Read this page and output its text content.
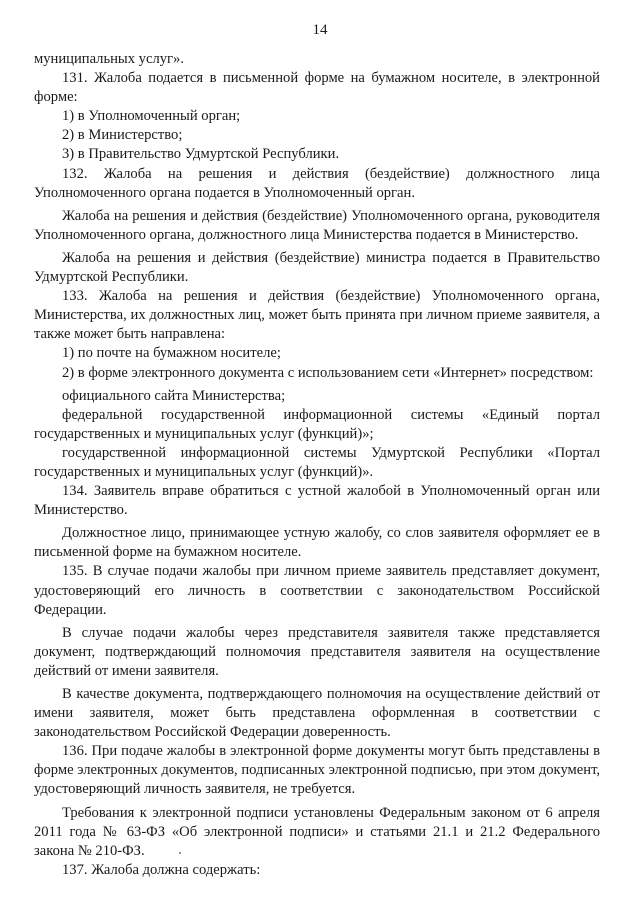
14

муниципальных услуг».

131. Жалоба подается в письменной форме на бумажном носителе, в электронной форме:

1) в Уполномоченный орган;

2) в Министерство;

3) в Правительство Удмуртской Республики.

132. Жалоба на решения и действия (бездействие) должностного лица Уполномоченного органа подается в Уполномоченный орган.

Жалоба на решения и действия (бездействие) Уполномоченного органа, руководителя Уполномоченного органа, должностного лица Министерства подается в Министерство.

Жалоба на решения и действия (бездействие) министра подается в Правительство Удмуртской Республики.

133. Жалоба на решения и действия (бездействие) Уполномоченного органа, Министерства, их должностных лиц, может быть принята при личном приеме заявителя, а также может быть направлена:

1) по почте на бумажном носителе;

2) в форме электронного документа с использованием сети «Интернет» посредством:

официального сайта Министерства;

федеральной государственной информационной системы «Единый портал государственных и муниципальных услуг (функций)»;

государственной информационной системы Удмуртской Республики «Портал государственных и муниципальных услуг (функций)».

134. Заявитель вправе обратиться с устной жалобой в Уполномоченный орган или Министерство.

Должностное лицо, принимающее устную жалобу, со слов заявителя оформляет ее в письменной форме на бумажном носителе.

135. В случае подачи жалобы при личном приеме заявитель представляет документ, удостоверяющий его личность в соответствии с законодательством Российской Федерации.

В случае подачи жалобы через представителя заявителя также представляется документ, подтверждающий полномочия представителя заявителя на осуществление действий от имени заявителя.

В качестве документа, подтверждающего полномочия на осуществление действий от имени заявителя, может быть представлена оформленная в соответствии с законодательством Российской Федерации доверенность.

136. При подаче жалобы в электронной форме документы могут быть представлены в форме электронных документов, подписанных электронной подписью, при этом документ, удостоверяющий личность заявителя, не требуется.

Требования к электронной подписи установлены Федеральным законом от 6 апреля 2011 года № 63-ФЗ «Об электронной подписи» и статьями 21.1 и 21.2 Федерального закона № 210-ФЗ.

137. Жалоба должна содержать:
